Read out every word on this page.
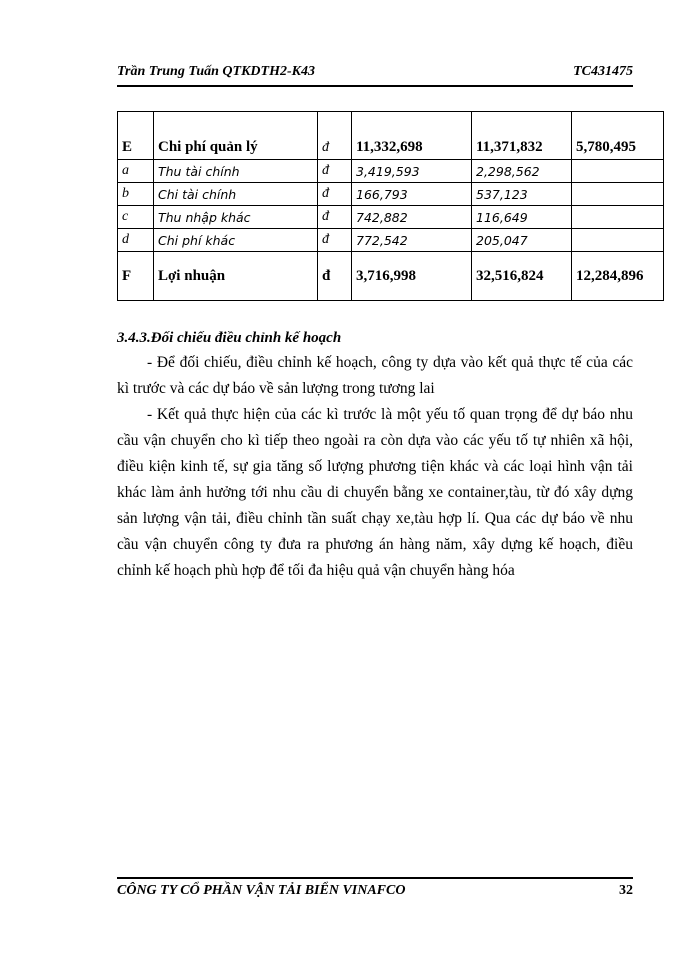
Trần Trung Tuấn QTKDTH2-K43	TC431475

E	Chi phí quản lý	đ	11,332,698	11,371,832	5,780,495
a	Thu tài chính	đ	3,419,593	2,298,562	
b	Chi tài chính	đ	166,793	537,123	
c	Thu nhập khác	đ	742,882	116,649	
d	Chi phí khác	đ	772,542	205,047	
F	Lợi nhuận	đ	3,716,998	32,516,824	12,284,896
3.4.3.Đối chiếu điều chỉnh kế hoạch
- Để đối chiếu, điều chỉnh kế hoạch, công ty dựa vào kết quả thực tế của các kì trước và các dự báo về sản lượng trong tương lai
- Kết quả thực hiện của các kì trước là một yếu tố quan trọng để dự báo nhu cầu vận chuyển cho kì tiếp theo ngoài ra còn dựa vào các yếu tố tự nhiên xã hội, điều kiện kinh tế, sự gia tăng số lượng phương tiện khác và các loại hình vận tải khác làm ảnh hưởng tới nhu cầu di chuyển bằng xe container,tàu, từ đó xây dựng sản lượng vận tải, điều chỉnh tần suất chạy xe,tàu hợp lí. Qua các dự báo về nhu cầu vận chuyển công ty đưa ra phương án hàng năm, xây dựng kế hoạch, điều chỉnh kế hoạch phù hợp để tối đa hiệu quả vận chuyển hàng hóa
CÔNG TY CỔ PHẦN VẬN TẢI BIỂN VINAFCO	32
